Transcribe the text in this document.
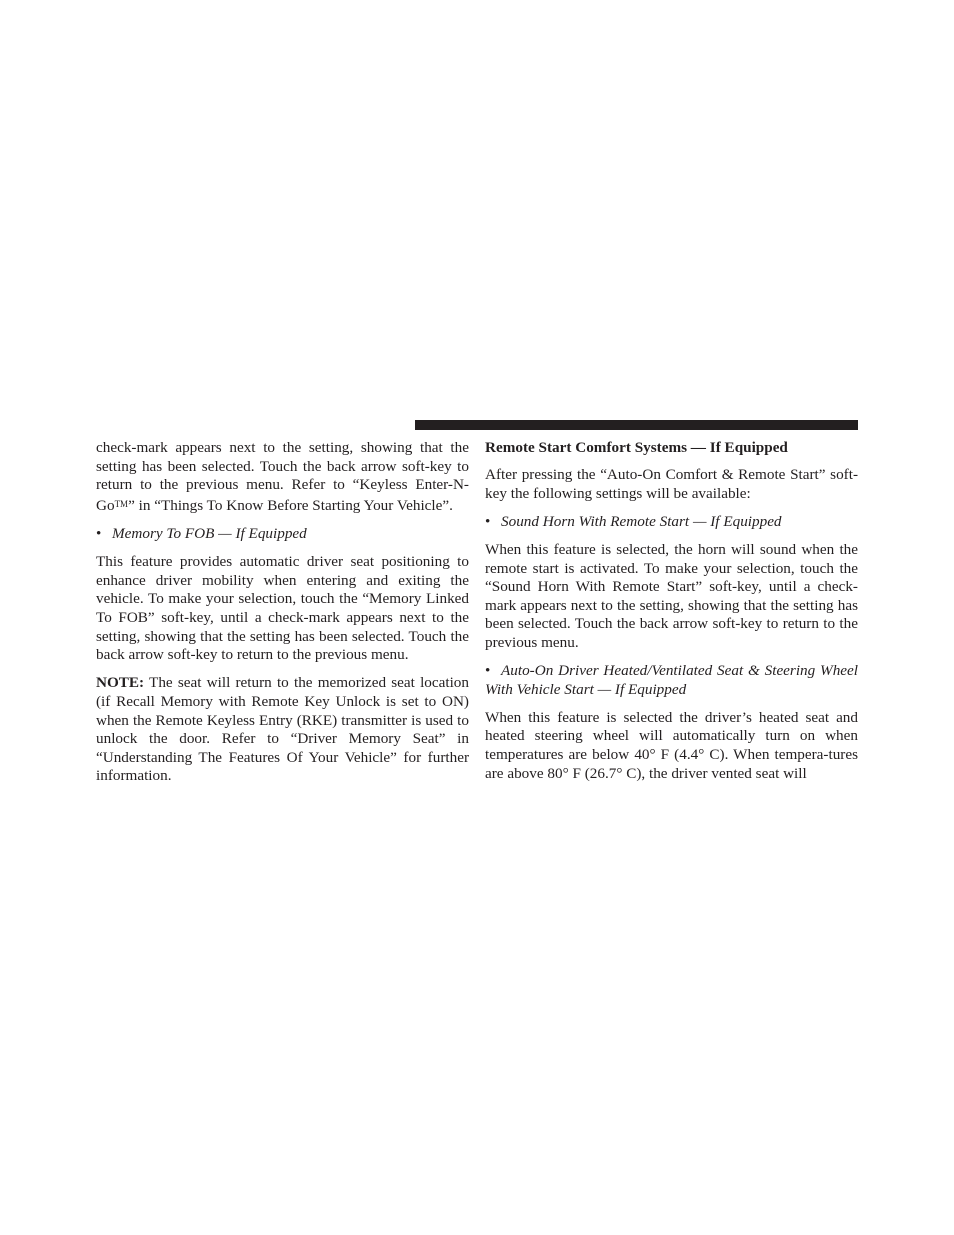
check-mark appears next to the setting, showing that the setting has been selected. Touch the back arrow soft-key to return to the previous menu. Refer to “Keyless Enter-N-GoTM” in “Things To Know Before Starting Your Vehicle”.

• Memory To FOB — If Equipped

This feature provides automatic driver seat positioning to enhance driver mobility when entering and exiting the vehicle. To make your selection, touch the “Memory Linked To FOB” soft-key, until a check-mark appears next to the setting, showing that the setting has been selected. Touch the back arrow soft-key to return to the previous menu.

NOTE: The seat will return to the memorized seat location (if Recall Memory with Remote Key Unlock is set to ON) when the Remote Keyless Entry (RKE) transmitter is used to unlock the door. Refer to “Driver Memory Seat” in “Understanding The Features Of Your Vehicle” for further information.

Remote Start Comfort Systems — If Equipped

After pressing the “Auto-On Comfort & Remote Start” soft-key the following settings will be available:

• Sound Horn With Remote Start — If Equipped

When this feature is selected, the horn will sound when the remote start is activated. To make your selection, touch the “Sound Horn With Remote Start” soft-key, until a check-mark appears next to the setting, showing that the setting has been selected. Touch the back arrow soft-key to return to the previous menu.

• Auto-On Driver Heated/Ventilated Seat & Steering Wheel With Vehicle Start — If Equipped

When this feature is selected the driver’s heated seat and heated steering wheel will automatically turn on when temperatures are below 40° F (4.4° C). When tempera-tures are above 80° F (26.7° C), the driver vented seat will
